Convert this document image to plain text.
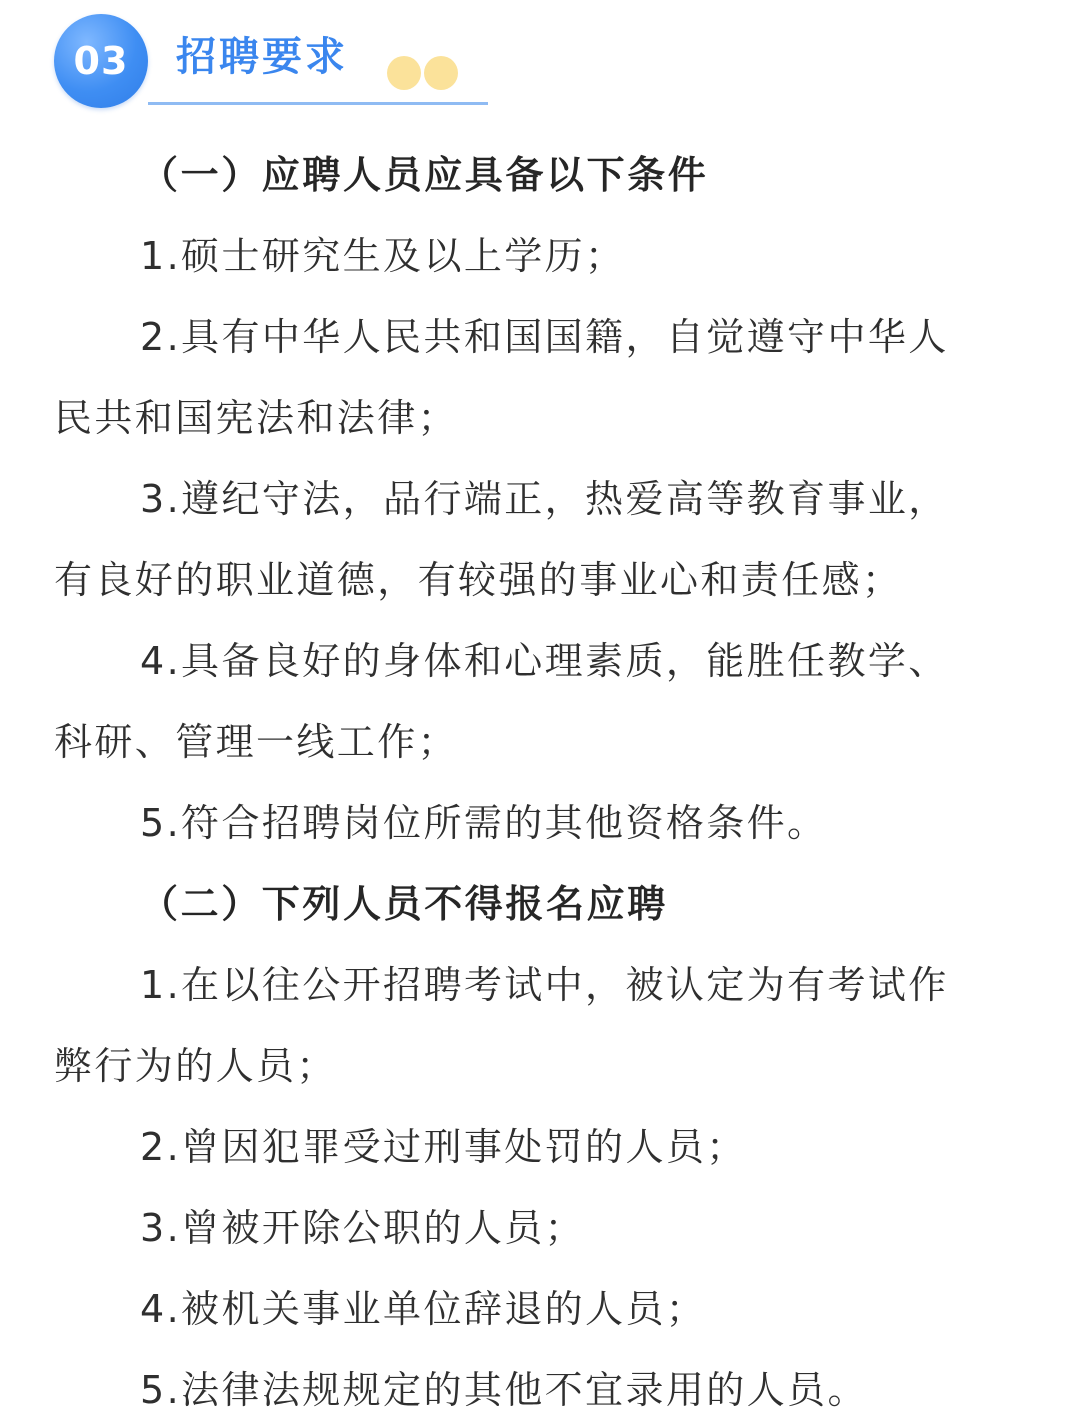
03	招聘要求
（一）应聘人员应具备以下条件
1.硕士研究生及以上学历；
2.具有中华人民共和国国籍，自觉遵守中华人
民共和国宪法和法律；
3.遵纪守法，品行端正，热爱高等教育事业，
有良好的职业道德，有较强的事业心和责任感；
4.具备良好的身体和心理素质，能胜任教学、
科研、管理一线工作；
5.符合招聘岗位所需的其他资格条件。
（二）下列人员不得报名应聘
1.在以往公开招聘考试中，被认定为有考试作
弊行为的人员；
2.曾因犯罪受过刑事处罚的人员；
3.曾被开除公职的人员；
4.被机关事业单位辞退的人员；
5.法律法规规定的其他不宜录用的人员。
